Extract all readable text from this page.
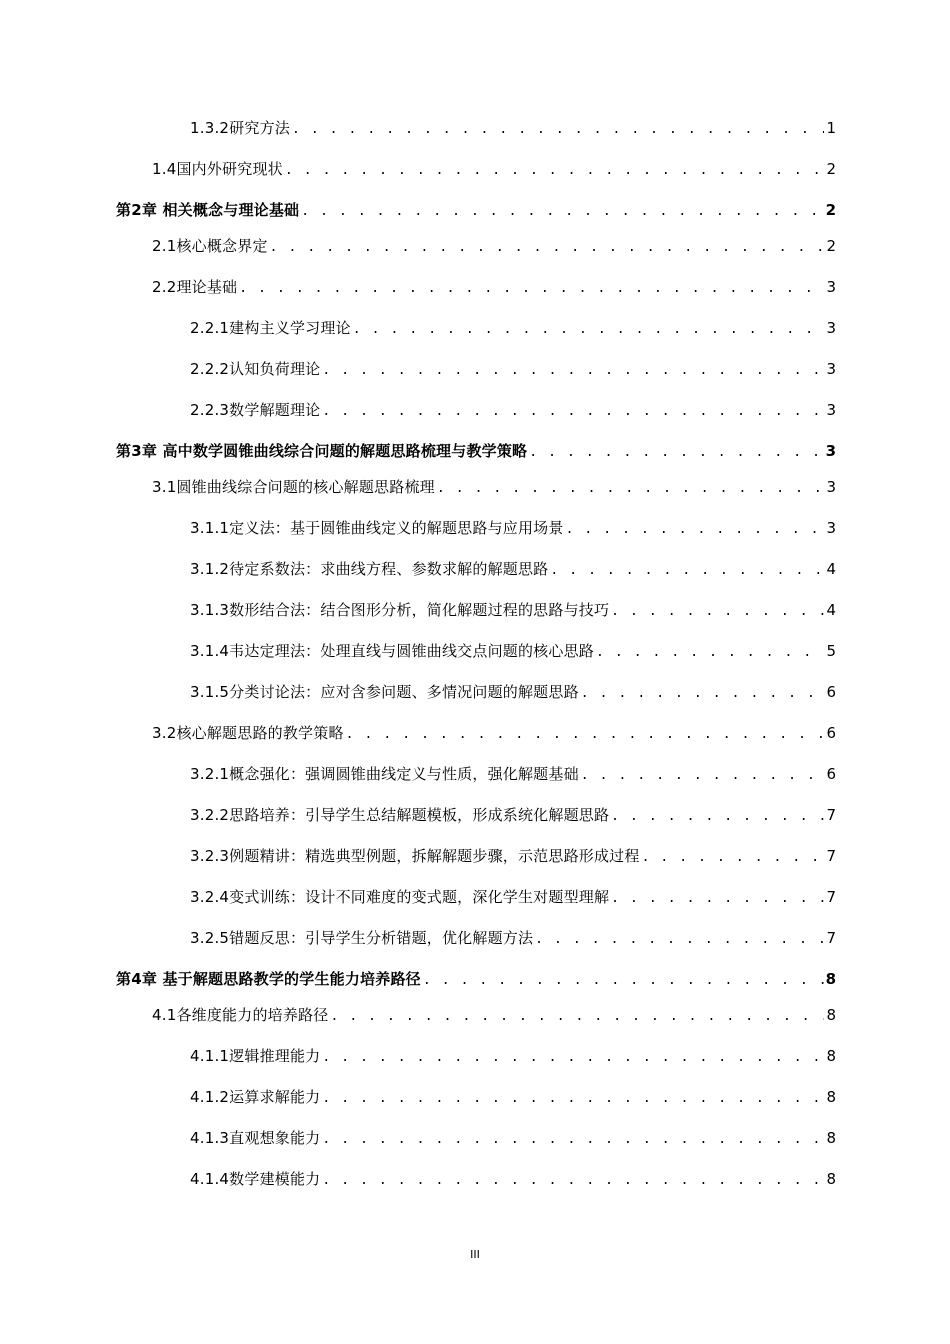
1.3.2研究方法 . . .	1
1.4国内外研究现状 . . .	2
第2章 相关概念与理论基础 . . .	2
2.1核心概念界定 . . .	2
2.2理论基础 . . .	3
2.2.1建构主义学习理论 . . .	3
2.2.2认知负荷理论 . . .	3
2.2.3数学解题理论 . . .	3
第3章 高中数学圆锥曲线综合问题的解题思路梳理与教学策略 . . .	3
3.1圆锥曲线综合问题的核心解题思路梳理 . . .	3
3.1.1定义法：基于圆锥曲线定义的解题思路与应用场景 . . .	3
3.1.2待定系数法：求曲线方程、参数求解的解题思路 . . .	4
3.1.3数形结合法：结合图形分析，简化解题过程的思路与技巧 . . .	4
3.1.4韦达定理法：处理直线与圆锥曲线交点问题的核心思路 . . .	5
3.1.5分类讨论法：应对含参问题、多情况问题的解题思路 . . .	6
3.2核心解题思路的教学策略 . . .	6
3.2.1概念强化：强调圆锥曲线定义与性质，强化解题基础 . . .	6
3.2.2思路培养：引导学生总结解题模板，形成系统化解题思路 . . .	7
3.2.3例题精讲：精选典型例题，拆解解题步骤，示范思路形成过程 . . .	7
3.2.4变式训练：设计不同难度的变式题，深化学生对题型理解 . . .	7
3.2.5错题反思：引导学生分析错题，优化解题方法 . . .	7
第4章 基于解题思路教学的学生能力培养路径 . . .	8
4.1各维度能力的培养路径 . . .	8
4.1.1逻辑推理能力 . . .	8
4.1.2运算求解能力 . . .	8
4.1.3直观想象能力 . . .	8
4.1.4数学建模能力 . . .	8
III
